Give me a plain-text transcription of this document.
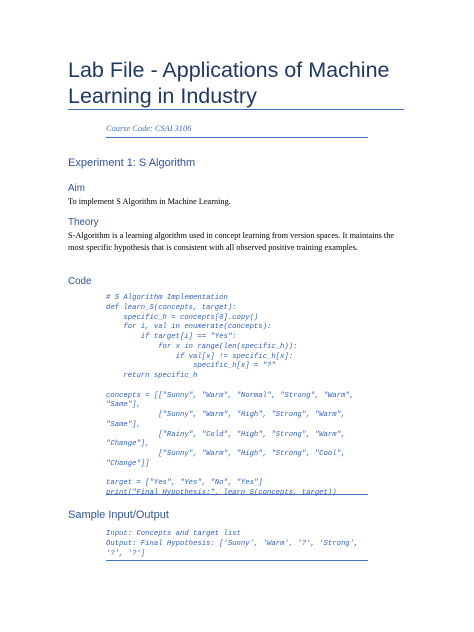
Lab File - Applications of Machine Learning in Industry
Course Code: CSAI 3106
Experiment 1: S Algorithm
Aim

To implement S Algorithm in Machine Learning.

Theory

S-Algorithm is a learning algorithm used in concept learning from version spaces. It maintains the most specific hypothesis that is consistent with all observed positive training examples.

Code
# S Algorithm Implementation
def learn_S(concepts, target):
specific_h = concepts[0].copy()
for i, val in enumerate(concepts):
if target[i] == "Yes":
for x in range(len(specific_h)):
if val[x] != specific_h[x]:
specific_h[x] = "?"
return specific_h

concepts = [["Sunny", "Warm", "Normal", "Strong", "Warm",
"Same"],
["Sunny", "Warm", "High", "Strong", "Warm",
"Same"],
["Rainy", "Cold", "High", "Strong", "Warm",
"Change"],
["Sunny", "Warm", "High", "Strong", "Cool",
"Change"]]

target = ["Yes", "Yes", "No", "Yes"]
print("Final Hypothesis:", learn_S(concepts, target))
Sample Input/Output
Input: Concepts and target list
Output: Final Hypothesis: ['Sunny', 'Warm', '?', 'Strong',
'?', '?']
